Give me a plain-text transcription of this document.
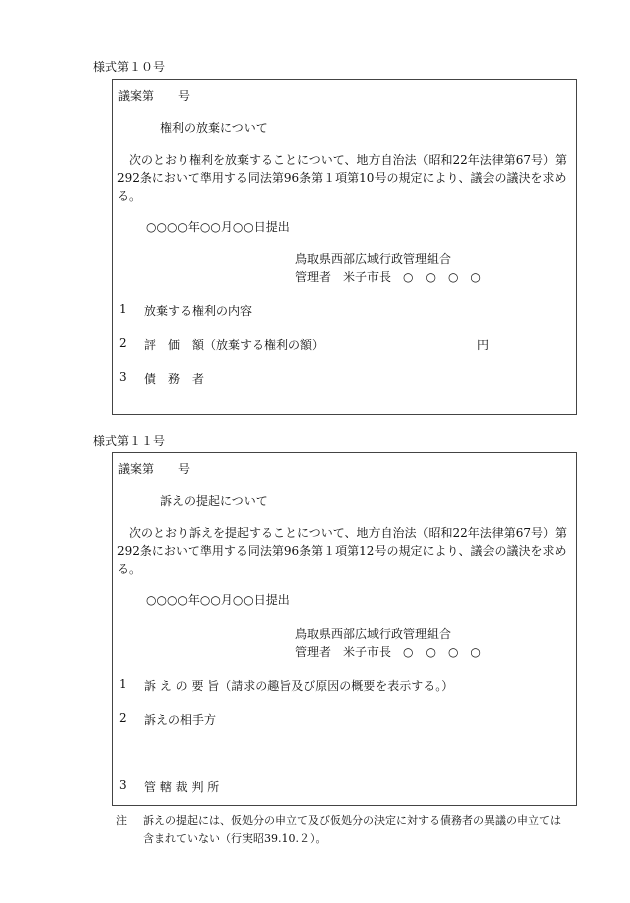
様式第１０号
議案第　　号
権利の放棄について
次のとおり権利を放棄することについて、地方自治法（昭和22年法律第67号）第292条において準用する同法第96条第１項第10号の規定により、議会の議決を求める。
○○○○年○○月○○日提出
鳥取県西部広域行政管理組合
管理者　米子市長　○　○　○　○
1 放棄する権利の内容
2 評　価　額（放棄する権利の額）	円
3 債　務　者
様式第１１号
議案第　　号
訴えの提起について
次のとおり訴えを提起することについて、地方自治法（昭和22年法律第67号）第292条において準用する同法第96条第１項第12号の規定により、議会の議決を求める。
○○○○年○○月○○日提出
鳥取県西部広域行政管理組合
管理者　米子市長　○　○　○　○
1 訴 え の 要 旨（請求の趣旨及び原因の概要を表示する。）
2 訴えの相手方
3 管 轄 裁 判 所
注 訴えの提起には、仮処分の申立て及び仮処分の決定に対する債務者の異議の申立ては含まれていない（行実昭39.10.２）。
